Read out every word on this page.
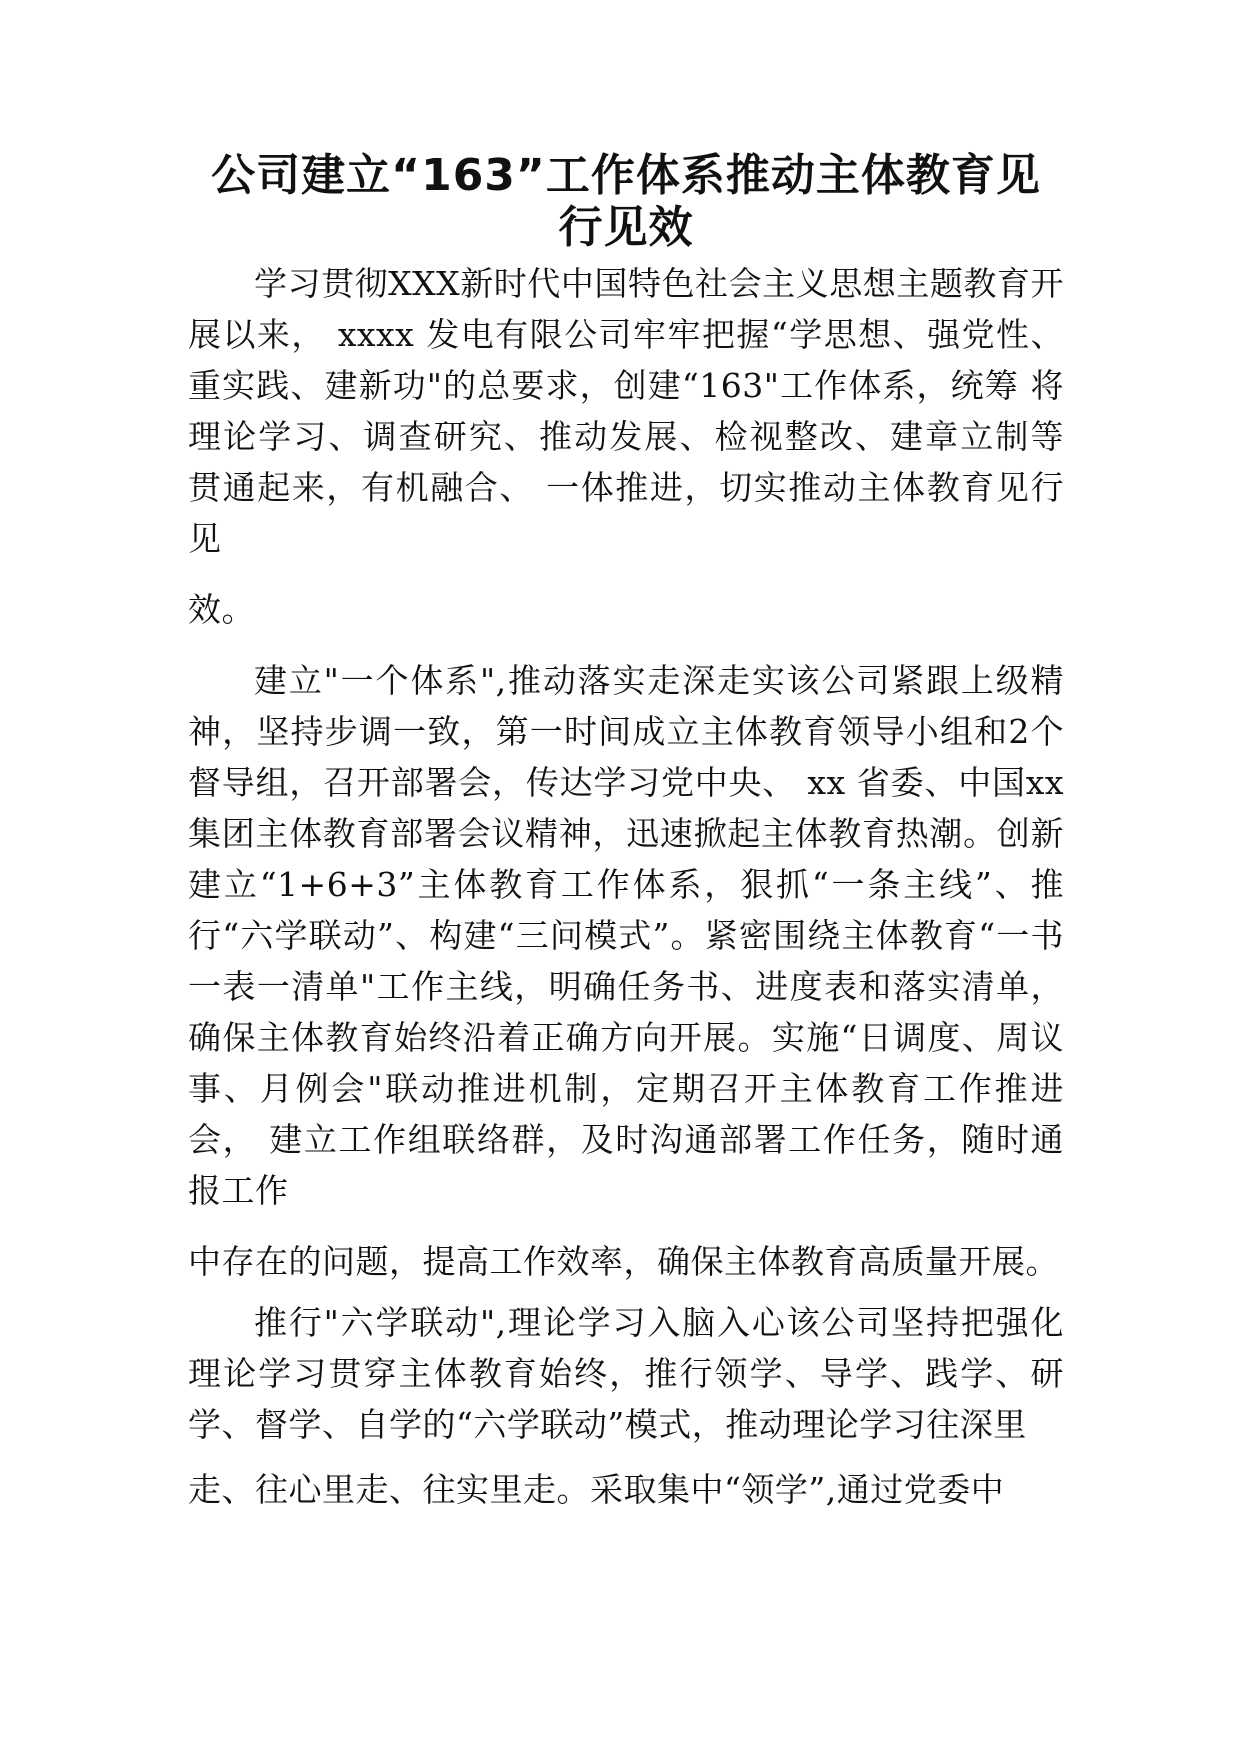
公司建立“163”工作体系推动主体教育见
行见效

学习贯彻XXX新时代中国特色社会主义思想主题教育开展以来， xxxx 发电有限公司牢牢把握“学思想、强党性、 重实践、建新功"的总要求，创建“163"工作体系，统筹 将理论学习、调查研究、推动发展、检视整改、建章立制等 贯通起来，有机融合、 一体推进，切实推动主体教育见行见

效。

建立"一个体系",推动落实走深走实该公司紧跟上级精神，坚持步调一致，第一时间成立主体教育领导小组和2个督导组，召开部署会，传达学习党中央、 xx 省委、中国xx集团主体教育部署会议精神，迅速掀起主体教育热潮。创新建立“1+6+3”主体教育工作体系，狠抓“一条主线”、推行“六学联动”、构建“三问模式”。紧密围绕主体教育“一书一表一清单"工作主线，明确任务书、进度表和落实清单，确保主体教育始终沿着正确方向开展。实施“日调度、周议事、月例会"联动推进机制，定期召开主体教育工作推进会， 建立工作组联络群，及时沟通部署工作任务，随时通报工作

中存在的问题，提高工作效率，确保主体教育高质量开展。

推行"六学联动",理论学习入脑入心该公司坚持把强化理论学习贯穿主体教育始终，推行领学、导学、践学、研学、督学、自学的“六学联动”模式，推动理论学习往深里

走、往心里走、往实里走。采取集中“领学”,通过党委中
